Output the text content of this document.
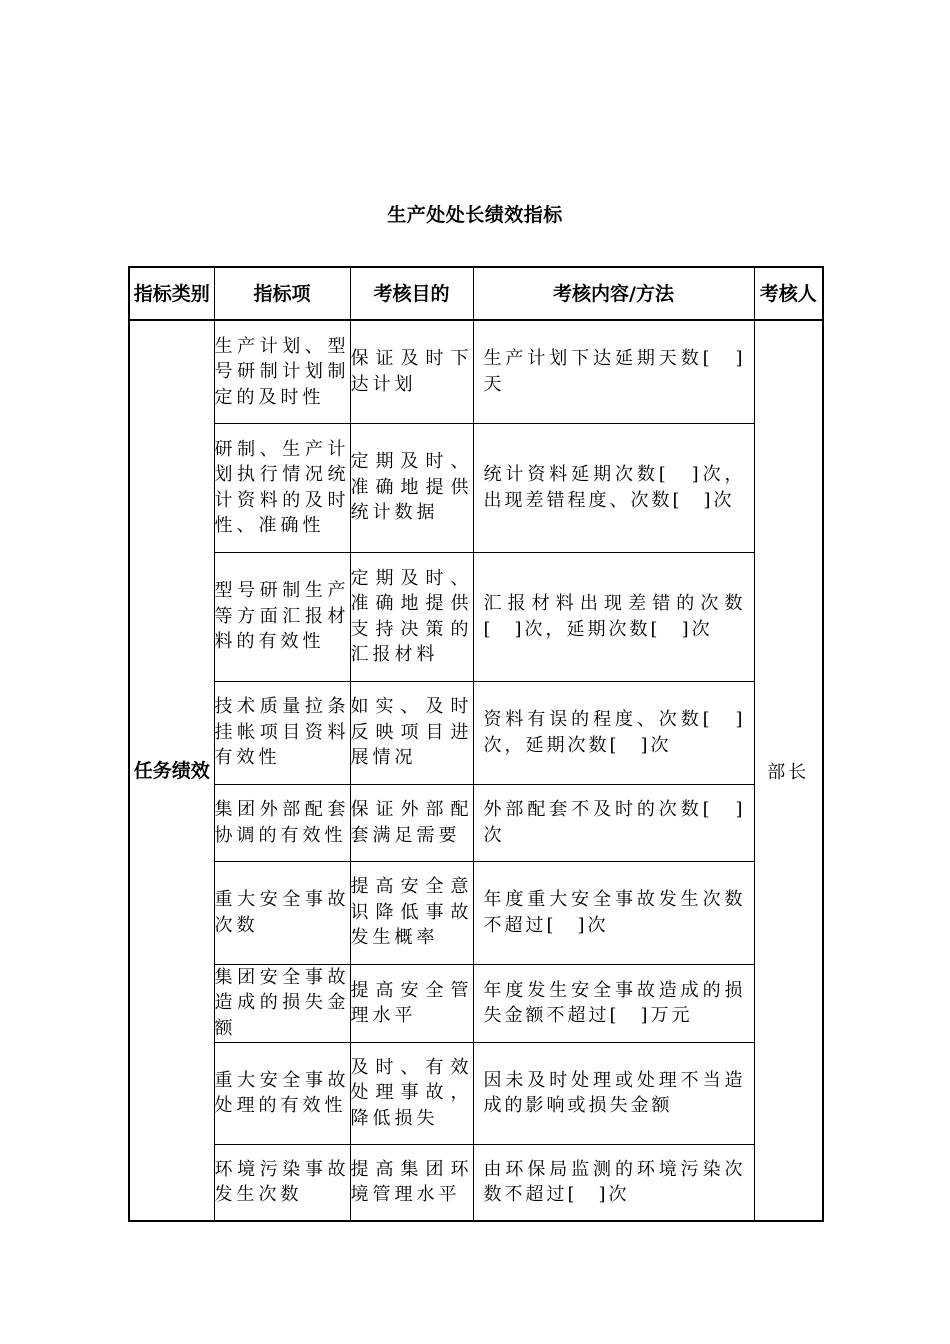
生产处处长绩效指标
指标类别	指标项	考核目的	考核内容/方法	考核人
任务绩效	生产计划、型号研制计划制定的及时性	保证及时下达计划	生产计划下达延期天数[　]天	部长
	研制、生产计划执行情况统计资料的及时性、准确性	定期及时、准确地提供统计数据	统计资料延期次数[　]次，出现差错程度、次数[　]次	
	型号研制生产等方面汇报材料的有效性	定期及时、准确地提供支持决策的汇报材料	汇报材料出现差错的次数[　]次，延期次数[　]次	
	技术质量拉条挂帐项目资料有效性	如实、及时反映项目进展情况	资料有误的程度、次数[　]次，延期次数[　]次	
	集团外部配套协调的有效性	保证外部配套满足需要	外部配套不及时的次数[　]次	
	重大安全事故次数	提高安全意识降低事故发生概率	年度重大安全事故发生次数不超过[　]次	
	集团安全事故造成的损失金额	提高安全管理水平	年度发生安全事故造成的损失金额不超过[　]万元	
	重大安全事故处理的有效性	及时、有效处理事故，降低损失	因未及时处理或处理不当造成的影响或损失金额	
	环境污染事故发生次数	提高集团环境管理水平	由环保局监测的环境污染次数不超过[　]次	
